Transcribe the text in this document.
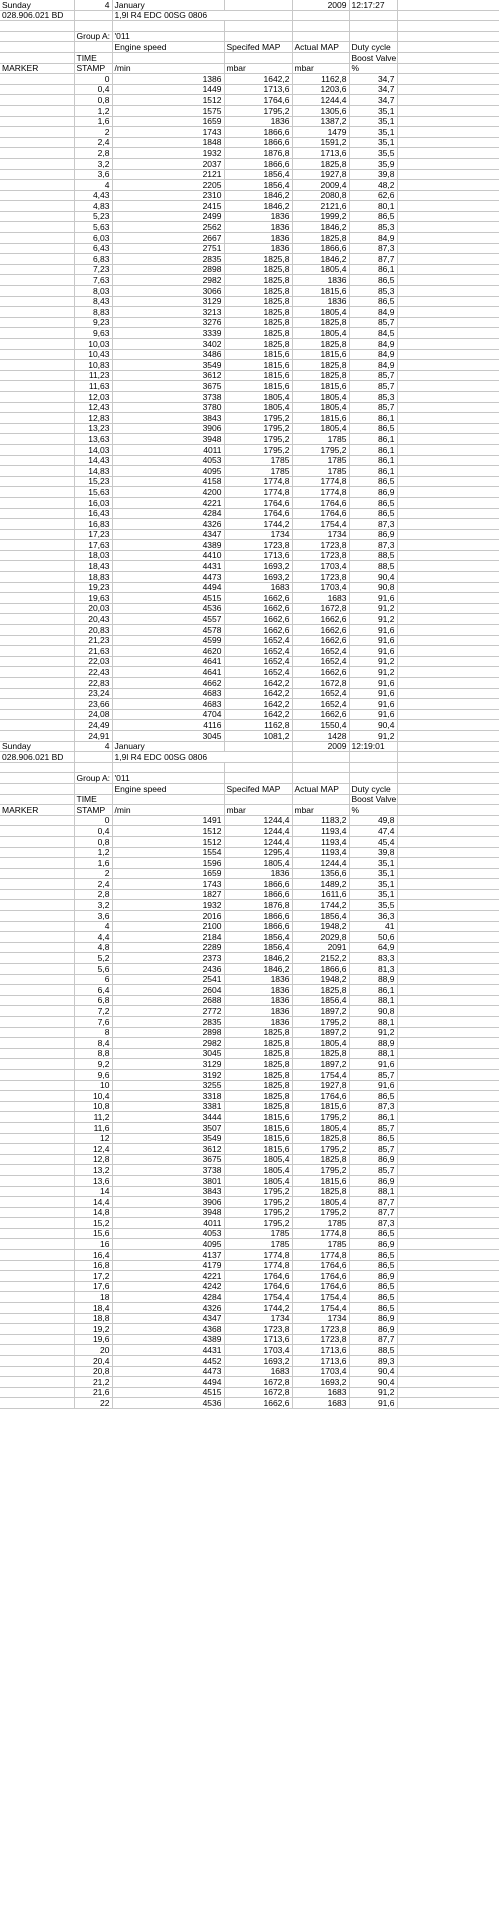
Sunday	4	January		2009	12:17:27	
028.906.021 BD		1,9l R4 EDC 00SG 0806				

	Group A:	'011				
		Engine speed	Specifed MAP	Actual MAP	Duty cycle	
	TIME				Boost Valve	
MARKER	STAMP	/min	mbar	mbar	%	
	0	1386	1642,2	1162,8	34,7	
	0,4	1449	1713,6	1203,6	34,7	
	0,8	1512	1764,6	1244,4	34,7	
	1,2	1575	1795,2	1305,6	35,1	
	1,6	1659	1836	1387,2	35,1	
	2	1743	1866,6	1479	35,1	
	2,4	1848	1866,6	1591,2	35,1	
	2,8	1932	1876,8	1713,6	35,5	
	3,2	2037	1866,6	1825,8	35,9	
	3,6	2121	1856,4	1927,8	39,8	
	4	2205	1856,4	2009,4	48,2	
	4,43	2310	1846,2	2080,8	62,6	
	4,83	2415	1846,2	2121,6	80,1	
	5,23	2499	1836	1999,2	86,5	
	5,63	2562	1836	1846,2	85,3	
	6,03	2667	1836	1825,8	84,9	
	6,43	2751	1836	1866,6	87,3	
	6,83	2835	1825,8	1846,2	87,7	
	7,23	2898	1825,8	1805,4	86,1	
	7,63	2982	1825,8	1836	86,5	
	8,03	3066	1825,8	1815,6	85,3	
	8,43	3129	1825,8	1836	86,5	
	8,83	3213	1825,8	1805,4	84,9	
	9,23	3276	1825,8	1825,8	85,7	
	9,63	3339	1825,8	1805,4	84,5	
	10,03	3402	1825,8	1825,8	84,9	
	10,43	3486	1815,6	1815,6	84,9	
	10,83	3549	1815,6	1825,8	84,9	
	11,23	3612	1815,6	1825,8	85,7	
	11,63	3675	1815,6	1815,6	85,7	
	12,03	3738	1805,4	1805,4	85,3	
	12,43	3780	1805,4	1805,4	85,7	
	12,83	3843	1795,2	1815,6	86,1	
	13,23	3906	1795,2	1805,4	86,5	
	13,63	3948	1795,2	1785	86,1	
	14,03	4011	1795,2	1795,2	86,1	
	14,43	4053	1785	1785	86,1	
	14,83	4095	1785	1785	86,1	
	15,23	4158	1774,8	1774,8	86,5	
	15,63	4200	1774,8	1774,8	86,9	
	16,03	4221	1764,6	1764,6	86,5	
	16,43	4284	1764,6	1764,6	86,5	
	16,83	4326	1744,2	1754,4	87,3	
	17,23	4347	1734	1734	86,9	
	17,63	4389	1723,8	1723,8	87,3	
	18,03	4410	1713,6	1723,8	88,5	
	18,43	4431	1693,2	1703,4	88,5	
	18,83	4473	1693,2	1723,8	90,4	
	19,23	4494	1683	1703,4	90,8	
	19,63	4515	1662,6	1683	91,6	
	20,03	4536	1662,6	1672,8	91,2	
	20,43	4557	1662,6	1662,6	91,2	
	20,83	4578	1662,6	1662,6	91,6	
	21,23	4599	1652,4	1662,6	91,6	
	21,63	4620	1652,4	1652,4	91,6	
	22,03	4641	1652,4	1652,4	91,2	
	22,43	4641	1652,4	1662,6	91,2	
	22,83	4662	1642,2	1672,8	91,6	
	23,24	4683	1642,2	1652,4	91,6	
	23,66	4683	1642,2	1652,4	91,6	
	24,08	4704	1642,2	1662,6	91,6	
	24,49	4116	1162,8	1550,4	90,4	
	24,91	3045	1081,2	1428	91,2	
Sunday	4	January		2009	12:19:01	
028.906.021 BD		1,9l R4 EDC 00SG 0806				

	Group A:	'011				
		Engine speed	Specifed MAP	Actual MAP	Duty cycle	
	TIME				Boost Valve	
MARKER	STAMP	/min	mbar	mbar	%	
	0	1491	1244,4	1183,2	49,8	
	0,4	1512	1244,4	1193,4	47,4	
	0,8	1512	1244,4	1193,4	45,4	
	1,2	1554	1295,4	1193,4	39,8	
	1,6	1596	1805,4	1244,4	35,1	
	2	1659	1836	1356,6	35,1	
	2,4	1743	1866,6	1489,2	35,1	
	2,8	1827	1866,6	1611,6	35,1	
	3,2	1932	1876,8	1744,2	35,5	
	3,6	2016	1866,6	1856,4	36,3	
	4	2100	1866,6	1948,2	41	
	4,4	2184	1856,4	2029,8	50,6	
	4,8	2289	1856,4	2091	64,9	
	5,2	2373	1846,2	2152,2	83,3	
	5,6	2436	1846,2	1866,6	81,3	
	6	2541	1836	1948,2	88,9	
	6,4	2604	1836	1825,8	86,1	
	6,8	2688	1836	1856,4	88,1	
	7,2	2772	1836	1897,2	90,8	
	7,6	2835	1836	1795,2	88,1	
	8	2898	1825,8	1897,2	91,2	
	8,4	2982	1825,8	1805,4	88,9	
	8,8	3045	1825,8	1825,8	88,1	
	9,2	3129	1825,8	1897,2	91,6	
	9,6	3192	1825,8	1754,4	85,7	
	10	3255	1825,8	1927,8	91,6	
	10,4	3318	1825,8	1764,6	86,5	
	10,8	3381	1825,8	1815,6	87,3	
	11,2	3444	1815,6	1795,2	86,1	
	11,6	3507	1815,6	1805,4	85,7	
	12	3549	1815,6	1825,8	86,5	
	12,4	3612	1815,6	1795,2	85,7	
	12,8	3675	1805,4	1825,8	86,9	
	13,2	3738	1805,4	1795,2	85,7	
	13,6	3801	1805,4	1815,6	86,9	
	14	3843	1795,2	1825,8	88,1	
	14,4	3906	1795,2	1805,4	87,7	
	14,8	3948	1795,2	1795,2	87,7	
	15,2	4011	1795,2	1785	87,3	
	15,6	4053	1785	1774,8	86,5	
	16	4095	1785	1785	86,9	
	16,4	4137	1774,8	1774,8	86,5	
	16,8	4179	1774,8	1764,6	86,5	
	17,2	4221	1764,6	1764,6	86,9	
	17,6	4242	1764,6	1764,6	86,5	
	18	4284	1754,4	1754,4	86,5	
	18,4	4326	1744,2	1754,4	86,5	
	18,8	4347	1734	1734	86,9	
	19,2	4368	1723,8	1723,8	86,9	
	19,6	4389	1713,6	1723,8	87,7	
	20	4431	1703,4	1713,6	88,5	
	20,4	4452	1693,2	1713,6	89,3	
	20,8	4473	1683	1703,4	90,4	
	21,2	4494	1672,8	1693,2	90,4	
	21,6	4515	1672,8	1683	91,2	
	22	4536	1662,6	1683	91,6	
